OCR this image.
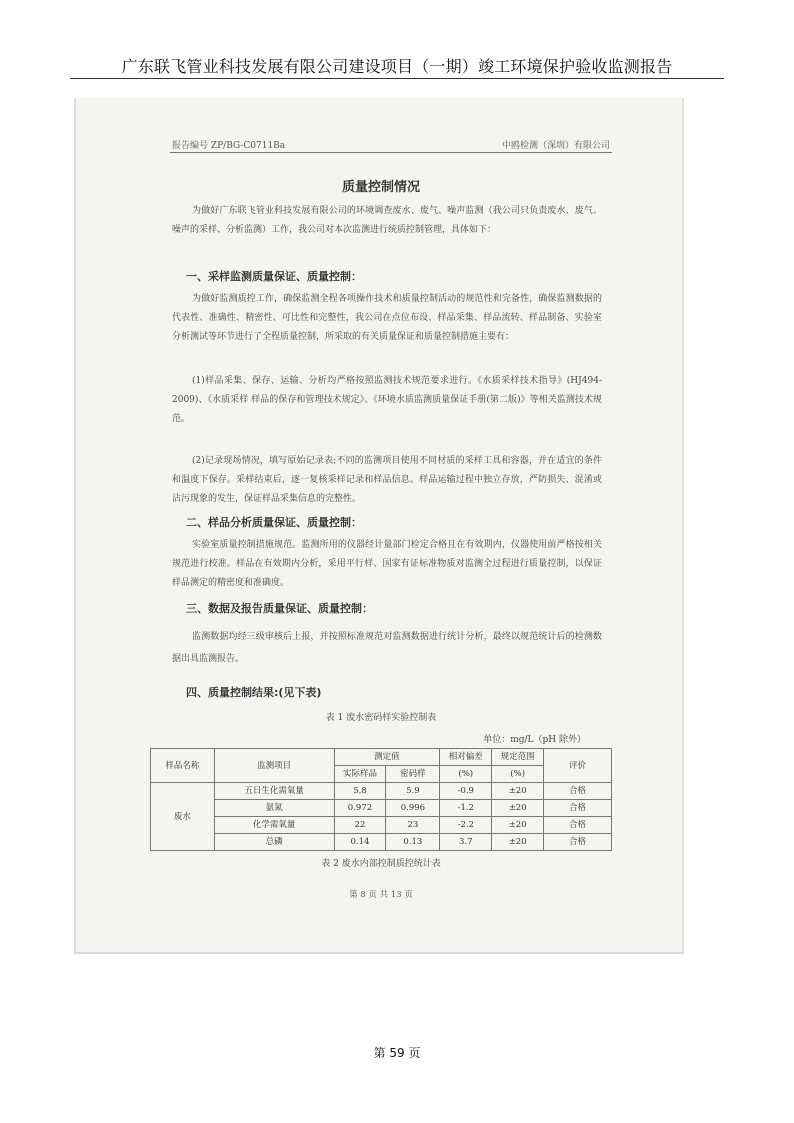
广东联飞管业科技发展有限公司建设项目（一期）竣工环境保护验收监测报告
报告编号 ZP/BG-C0711Ba	中鸥检测（深圳）有限公司
质量控制情况
为做好广东联飞管业科技发展有限公司的环境调查废水、废气、噪声监测（我公司只负责废水、废气、噪声的采样、分析监测）工作，我公司对本次监测进行统质控制管理，具体如下：
一、采样监测质量保证、质量控制：
为做好监测质控工作，确保监测全程各项操作技术和质量控制活动的规范性和完备性，确保监测数据的代表性、准确性、精密性、可比性和完整性，我公司在点位布设、样品采集、样品流转、样品制备、实验室分析测试等环节进行了全程质量控制，所采取的有关质量保证和质量控制措施主要有：
(1)样品采集、保存、运输、分析均严格按照监测技术规范要求进行。《水质采样技术指导》(HJ494-2009)、《水质采样 样品的保存和管理技术规定》、《环境水质监测质量保证手册(第二版)》等相关监测技术规范。
(2)记录现场情况，填写原始记录表;不同的监测项目使用不同材质的采样工具和容器，并在适宜的条件和温度下保存。采样结束后，逐一复核采样记录和样品信息。样品运输过程中独立存放，严防损失、混淆或沾污现象的发生，保证样品采集信息的完整性。
二、样品分析质量保证、质量控制：
实验室质量控制措施规范。监测所用的仪器经计量部门检定合格且在有效期内，仪器使用前严格按相关规范进行校准。样品在有效期内分析，采用平行样、国家有证标准物质对监测全过程进行质量控制，以保证样品测定的精密度和准确度。
三、数据及报告质量保证、质量控制：
监测数据均经三级审核后上报，并按照标准规范对监测数据进行统计分析，最终以规范统计后的检测数据出具监测报告。
四、质量控制结果:(见下表)
表 1 废水密码样实验控制表
单位：mg/L（pH 除外）
样品名称	监测项目	测定值		相对偏差	规定范围	评价
		实际样品	密码样	(%)	(%)	
废水	五日生化需氧量	5.8	5.9	-0.9	±20	合格
	氨氮	0.972	0.996	-1.2	±20	合格
	化学需氧量	22	23	-2.2	±20	合格
	总磷	0.14	0.13	3.7	±20	合格
表 2 废水内部控制质控统计表
第 8 页 共 13 页
第 59 页
